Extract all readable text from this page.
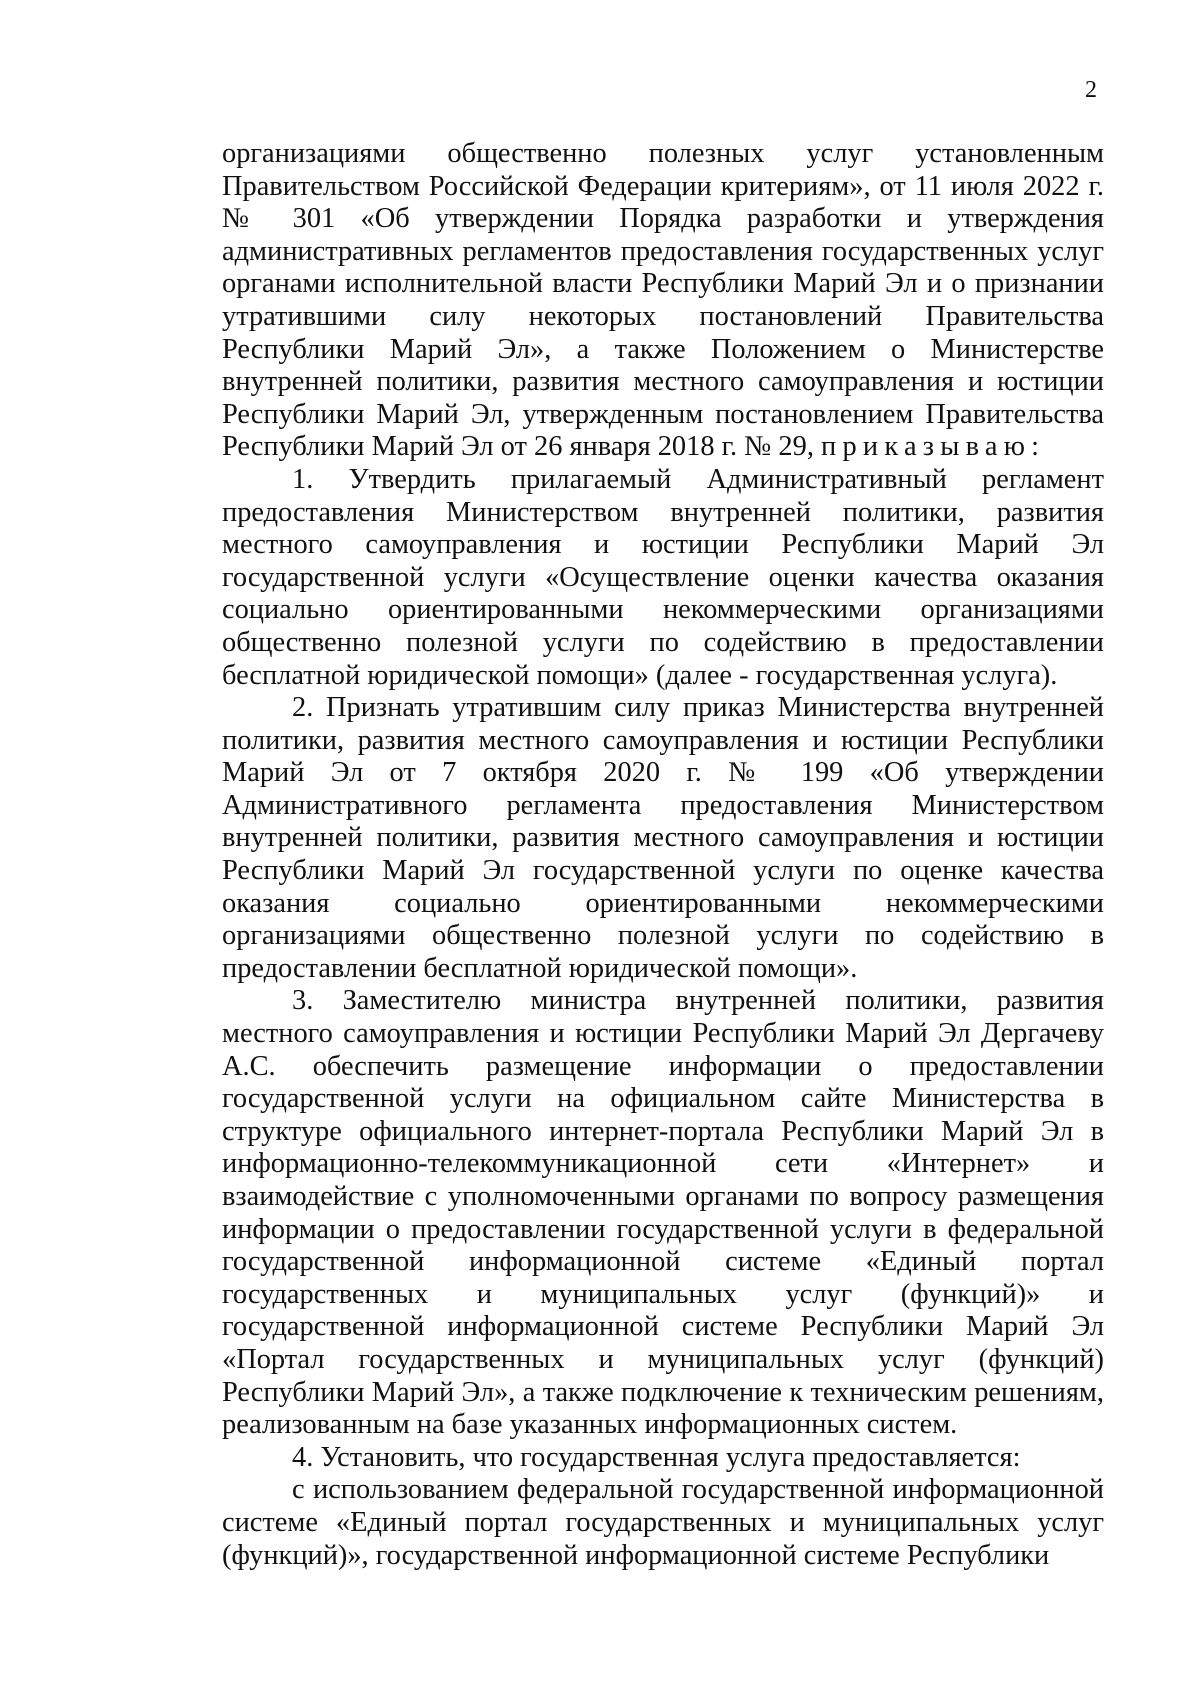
2

организациями общественно полезных услуг установленным Правительством Российской Федерации критериям», от 11 июля 2022 г. № 301 «Об утверждении Порядка разработки и утверждения административных регламентов предоставления государственных услуг органами исполнительной власти Республики Марий Эл и о признании утратившими силу некоторых постановлений Правительства Республики Марий Эл», а также Положением о Министерстве внутренней политики, развития местного самоуправления и юстиции Республики Марий Эл, утвержденным постановлением Правительства Республики Марий Эл от 26 января 2018 г. № 29, приказываю:

1. Утвердить прилагаемый Административный регламент предоставления Министерством внутренней политики, развития местного самоуправления и юстиции Республики Марий Эл государственной услуги «Осуществление оценки качества оказания социально ориентированными некоммерческими организациями общественно полезной услуги по содействию в предоставлении бесплатной юридической помощи» (далее - государственная услуга).

2. Признать утратившим силу приказ Министерства внутренней политики, развития местного самоуправления и юстиции Республики Марий Эл от 7 октября 2020 г. № 199 «Об утверждении Административного регламента предоставления Министерством внутренней политики, развития местного самоуправления и юстиции Республики Марий Эл государственной услуги по оценке качества оказания социально ориентированными некоммерческими организациями общественно полезной услуги по содействию в предоставлении бесплатной юридической помощи».

3. Заместителю министра внутренней политики, развития местного самоуправления и юстиции Республики Марий Эл Дергачеву А.С. обеспечить размещение информации о предоставлении государственной услуги на официальном сайте Министерства в структуре официального интернет-портала Республики Марий Эл в информационно-телекоммуникационной сети «Интернет» и взаимодействие с уполномоченными органами по вопросу размещения информации о предоставлении государственной услуги в федеральной государственной информационной системе «Единый портал государственных и муниципальных услуг (функций)» и государственной информационной системе Республики Марий Эл «Портал государственных и муниципальных услуг (функций) Республики Марий Эл», а также подключение к техническим решениям, реализованным на базе указанных информационных систем.

4. Установить, что государственная услуга предоставляется:

с использованием федеральной государственной информационной системе «Единый портал государственных и муниципальных услуг (функций)», государственной информационной системе Республики
